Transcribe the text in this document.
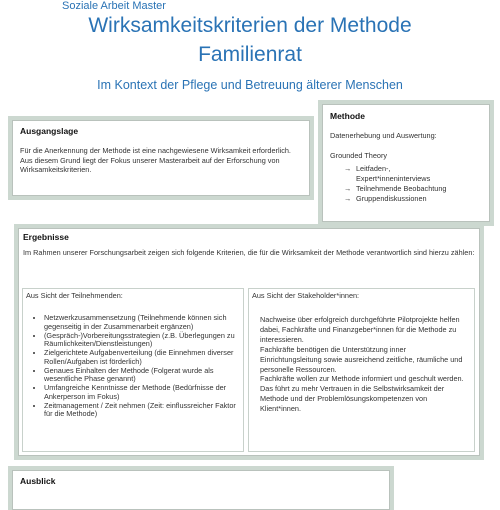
Soziale Arbeit Master
Wirksamkeitskriterien der Methode
Familienrat
Im Kontext der Pflege und Betreuung älterer Menschen
Ausgangslage
Für die Anerkennung der Methode ist eine nachgewiesene Wirksamkeit erforderlich. Aus diesem Grund liegt der Fokus unserer Masterarbeit auf der Erforschung von Wirksamkeitskriterien.
Methode
Datenerhebung und Auswertung:
Grounded Theory
→ Leitfaden-, Expert*inneninterviews
→ Teilnehmende Beobachtung
→ Gruppendiskussionen
Ergebnisse
Im Rahmen unserer Forschungsarbeit zeigen sich folgende Kriterien, die für die Wirksamkeit der Methode verantwortlich sind hierzu zählen:
Aus Sicht der Teilnehmenden:
• Netzwerkzusammensetzung (Teilnehmende können sich gegenseitig in der Zusammenarbeit ergänzen)
• (Gespräch-)Vorbereitungsstrategien (z.B. Überlegungen zu Räumlichkeiten/Dienstleistungen)
• Zielgerichtete Aufgabenverteilung (die Einnehmen diverser Rollen/Aufgaben ist förderlich)
• Genaues Einhalten der Methode (Folgerat wurde als wesentliche Phase genannt)
• Umfangreiche Kenntnisse der Methode (Bedürfnisse der Ankerperson im Fokus)
• Zeitmanagement / Zeit nehmen (Zeit: einflussreicher Faktor für die Methode)
Aus Sicht der Stakeholder*innen:

Nachweise über erfolgreich durchgeführte Pilotprojekte helfen dabei, Fachkräfte und Finanzgeber*innen für die Methode zu interessieren.

Fachkräfte benötigen die Unterstützung inner Einrichtungsleitung sowie ausreichend zeitliche, räumliche und personelle Ressourcen.

Fachkräfte wollen zur Methode informiert und geschult werden. Das führt zu mehr Vertrauen in die Selbstwirksamkeit der Methode und der Problemlösungskompetenzen von Klient*innen.

Ausblick
